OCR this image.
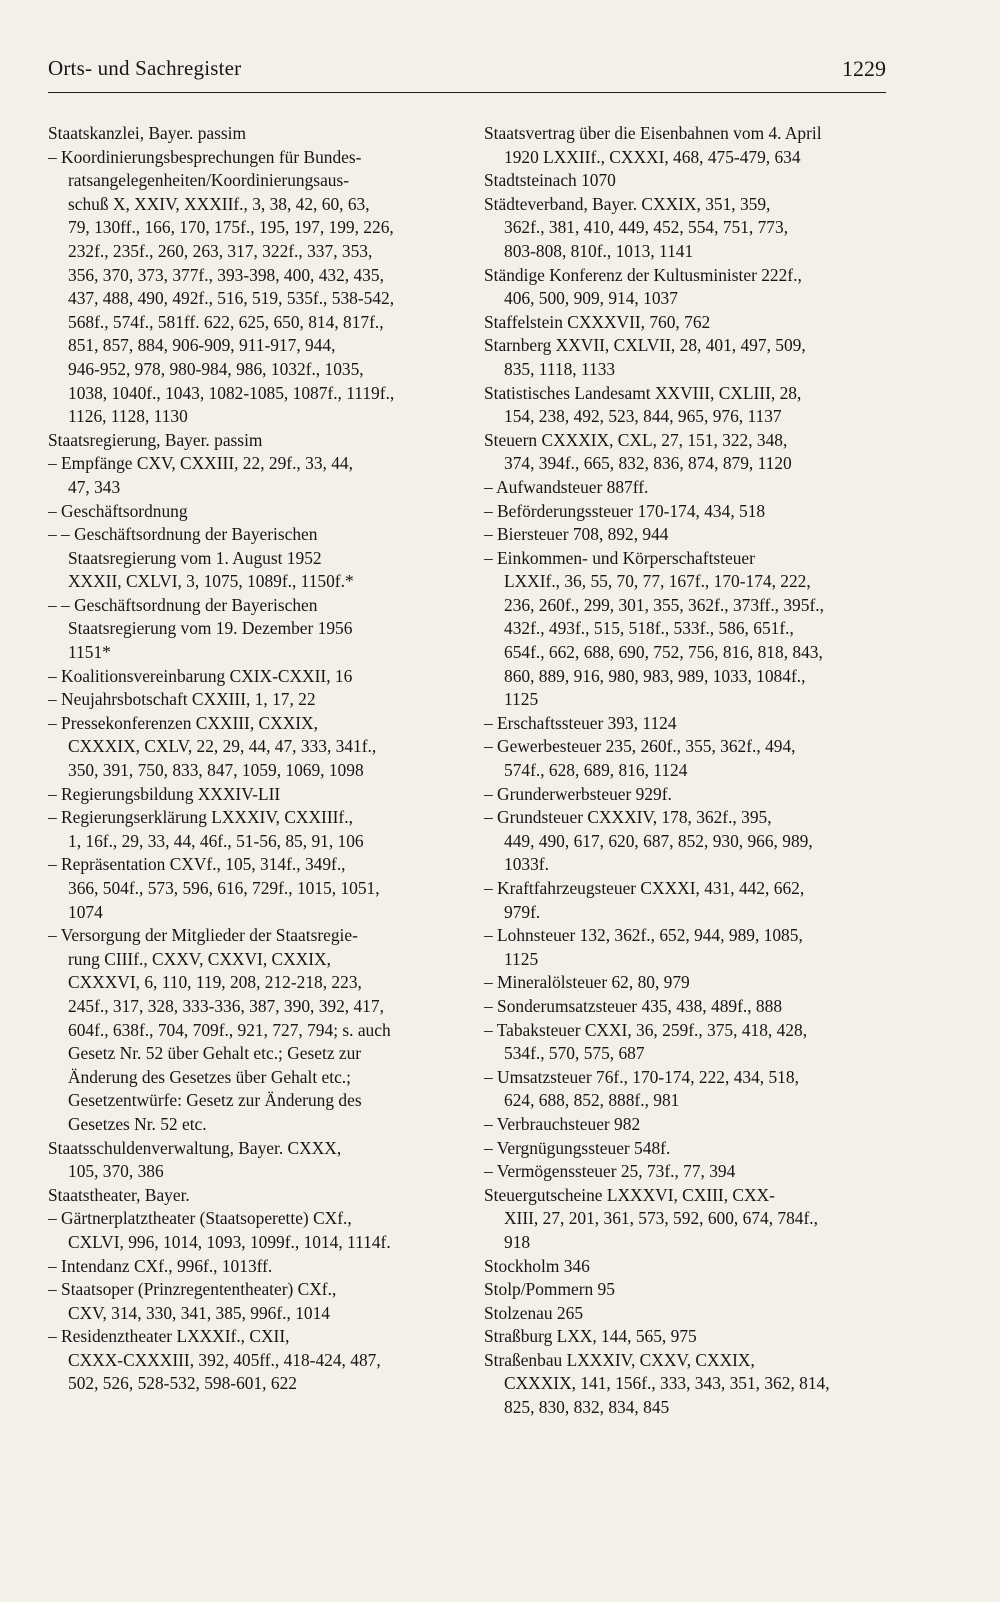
Orts- und Sachregister	1229

Staatskanzlei, Bayer. passim

– Koordinierungsbesprechungen für Bundes-
ratsangelegenheiten/Koordinierungsaus-
schuß X, XXIV, XXXIIf., 3, 38, 42, 60, 63,
79, 130ff., 166, 170, 175f., 195, 197, 199, 226,
232f., 235f., 260, 263, 317, 322f., 337, 353,
356, 370, 373, 377f., 393-398, 400, 432, 435,
437, 488, 490, 492f., 516, 519, 535f., 538-542,
568f., 574f., 581ff. 622, 625, 650, 814, 817f.,
851, 857, 884, 906-909, 911-917, 944,
946-952, 978, 980-984, 986, 1032f., 1035,
1038, 1040f., 1043, 1082-1085, 1087f., 1119f.,
1126, 1128, 1130

Staatsregierung, Bayer. passim

– Empfänge CXV, CXXIII, 22, 29f., 33, 44,
47, 343

– Geschäftsordnung

– – Geschäftsordnung der Bayerischen
Staatsregierung vom 1. August 1952
XXXII, CXLVI, 3, 1075, 1089f., 1150f.*

– – Geschäftsordnung der Bayerischen
Staatsregierung vom 19. Dezember 1956
1151*

– Koalitionsvereinbarung CXIX-CXXII, 16

– Neujahrsbotschaft CXXIII, 1, 17, 22

– Pressekonferenzen CXXIII, CXXIX,
CXXXIX, CXLV, 22, 29, 44, 47, 333, 341f.,
350, 391, 750, 833, 847, 1059, 1069, 1098

– Regierungsbildung XXXIV-LII

– Regierungserklärung LXXXIV, CXXIIIf.,
1, 16f., 29, 33, 44, 46f., 51-56, 85, 91, 106

– Repräsentation CXVf., 105, 314f., 349f.,
366, 504f., 573, 596, 616, 729f., 1015, 1051,
1074

– Versorgung der Mitglieder der Staatsregie-
rung CIIIf., CXXV, CXXVI, CXXIX,
CXXXVI, 6, 110, 119, 208, 212-218, 223,
245f., 317, 328, 333-336, 387, 390, 392, 417,
604f., 638f., 704, 709f., 921, 727, 794; s. auch
Gesetz Nr. 52 über Gehalt etc.; Gesetz zur
Änderung des Gesetzes über Gehalt etc.;
Gesetzentwürfe: Gesetz zur Änderung des
Gesetzes Nr. 52 etc.

Staatsschuldenverwaltung, Bayer. CXXX,
105, 370, 386

Staatstheater, Bayer.

– Gärtnerplatztheater (Staatsoperette) CXf.,
CXLVI, 996, 1014, 1093, 1099f., 1014, 1114f.

– Intendanz CXf., 996f., 1013ff.

– Staatsoper (Prinzregententheater) CXf.,
CXV, 314, 330, 341, 385, 996f., 1014

– Residenztheater LXXXIf., CXII,
CXXX-CXXXIII, 392, 405ff., 418-424, 487,
502, 526, 528-532, 598-601, 622

Staatsvertrag über die Eisenbahnen vom 4. April
1920 LXXIIf., CXXXI, 468, 475-479, 634

Stadtsteinach 1070

Städteverband, Bayer. CXXIX, 351, 359,
362f., 381, 410, 449, 452, 554, 751, 773,
803-808, 810f., 1013, 1141

Ständige Konferenz der Kultusminister 222f.,
406, 500, 909, 914, 1037

Staffelstein CXXXVII, 760, 762

Starnberg XXVII, CXLVII, 28, 401, 497, 509,
835, 1118, 1133

Statistisches Landesamt XXVIII, CXLIII, 28,
154, 238, 492, 523, 844, 965, 976, 1137

Steuern CXXXIX, CXL, 27, 151, 322, 348,
374, 394f., 665, 832, 836, 874, 879, 1120

– Aufwandsteuer 887ff.

– Beförderungssteuer 170-174, 434, 518

– Biersteuer 708, 892, 944

– Einkommen- und Körperschaftsteuer
LXXIf., 36, 55, 70, 77, 167f., 170-174, 222,
236, 260f., 299, 301, 355, 362f., 373ff., 395f.,
432f., 493f., 515, 518f., 533f., 586, 651f.,
654f., 662, 688, 690, 752, 756, 816, 818, 843,
860, 889, 916, 980, 983, 989, 1033, 1084f.,
1125

– Erschaftssteuer 393, 1124

– Gewerbesteuer 235, 260f., 355, 362f., 494,
574f., 628, 689, 816, 1124

– Grunderwerbsteuer 929f.

– Grundsteuer CXXXIV, 178, 362f., 395,
449, 490, 617, 620, 687, 852, 930, 966, 989,
1033f.

– Kraftfahrzeugsteuer CXXXI, 431, 442, 662,
979f.

– Lohnsteuer 132, 362f., 652, 944, 989, 1085,
1125

– Mineralölsteuer 62, 80, 979

– Sonderumsatzsteuer 435, 438, 489f., 888

– Tabaksteuer CXXI, 36, 259f., 375, 418, 428,
534f., 570, 575, 687

– Umsatzsteuer 76f., 170-174, 222, 434, 518,
624, 688, 852, 888f., 981

– Verbrauchsteuer 982

– Vergnügungssteuer 548f.

– Vermögenssteuer 25, 73f., 77, 394

Steuergutscheine LXXXVI, CXIII, CXX-
XIII, 27, 201, 361, 573, 592, 600, 674, 784f.,
918

Stockholm 346

Stolp/Pommern 95

Stolzenau 265

Straßburg LXX, 144, 565, 975

Straßenbau LXXXIV, CXXV, CXXIX,
CXXXIX, 141, 156f., 333, 343, 351, 362, 814,
825, 830, 832, 834, 845
